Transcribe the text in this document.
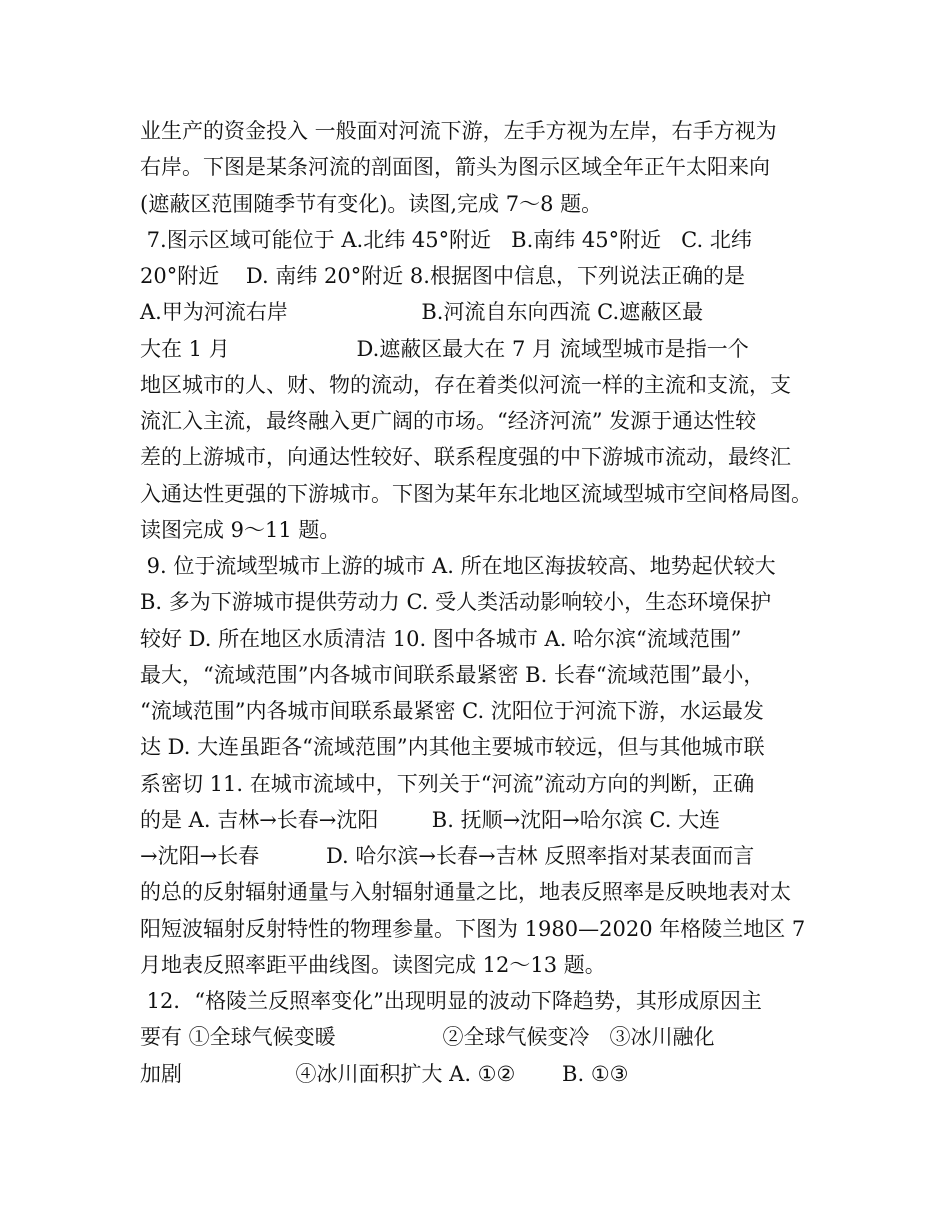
业生产的资金投入 一般面对河流下游，左手方视为左岸，右手方视为
右岸。下图是某条河流的剖面图，箭头为图示区域全年正午太阳来向
(遮蔽区范围随季节有变化)。读图,完成 7～8 题。
7.图示区域可能位于 A.北纬 45°附近   B.南纬 45°附近   C. 北纬
20°附近    D. 南纬 20°附近 8.根据图中信息，下列说法正确的是
A.甲为河流右岸                    B.河流自东向西流 C.遮蔽区最
大在 1 月                   D.遮蔽区最大在 7 月 流域型城市是指一个
地区城市的人、财、物的流动，存在着类似河流一样的主流和支流，支
流汇入主流，最终融入更广阔的市场。“经济河流” 发源于通达性较
差的上游城市，向通达性较好、联系程度强的中下游城市流动，最终汇
入通达性更强的下游城市。下图为某年东北地区流域型城市空间格局图。
读图完成 9～11 题。
9. 位于流域型城市上游的城市 A. 所在地区海拔较高、地势起伏较大
B. 多为下游城市提供劳动力 C. 受人类活动影响较小，生态环境保护
较好 D. 所在地区水质清洁 10. 图中各城市 A. 哈尔滨“流域范围”
最大，“流域范围”内各城市间联系最紧密 B. 长春“流域范围”最小，
“流域范围”内各城市间联系最紧密 C. 沈阳位于河流下游，水运最发
达 D. 大连虽距各“流域范围”内其他主要城市较远，但与其他城市联
系密切 11. 在城市流域中，下列关于“河流”流动方向的判断，正确
的是 A. 吉林→长春→沈阳        B. 抚顺→沈阳→哈尔滨 C. 大连
→沈阳→长春          D. 哈尔滨→长春→吉林 反照率指对某表面而言
的总的反射辐射通量与入射辐射通量之比，地表反照率是反映地表对太
阳短波辐射反射特性的物理参量。下图为 1980—2020 年格陵兰地区 7
月地表反照率距平曲线图。读图完成 12～13 题。
12．“格陵兰反照率变化”出现明显的波动下降趋势，其形成原因主
要有 ①全球气候变暖                ②全球气候变冷   ③冰川融化
加剧                 ④冰川面积扩大 A. ①②       B. ①③
